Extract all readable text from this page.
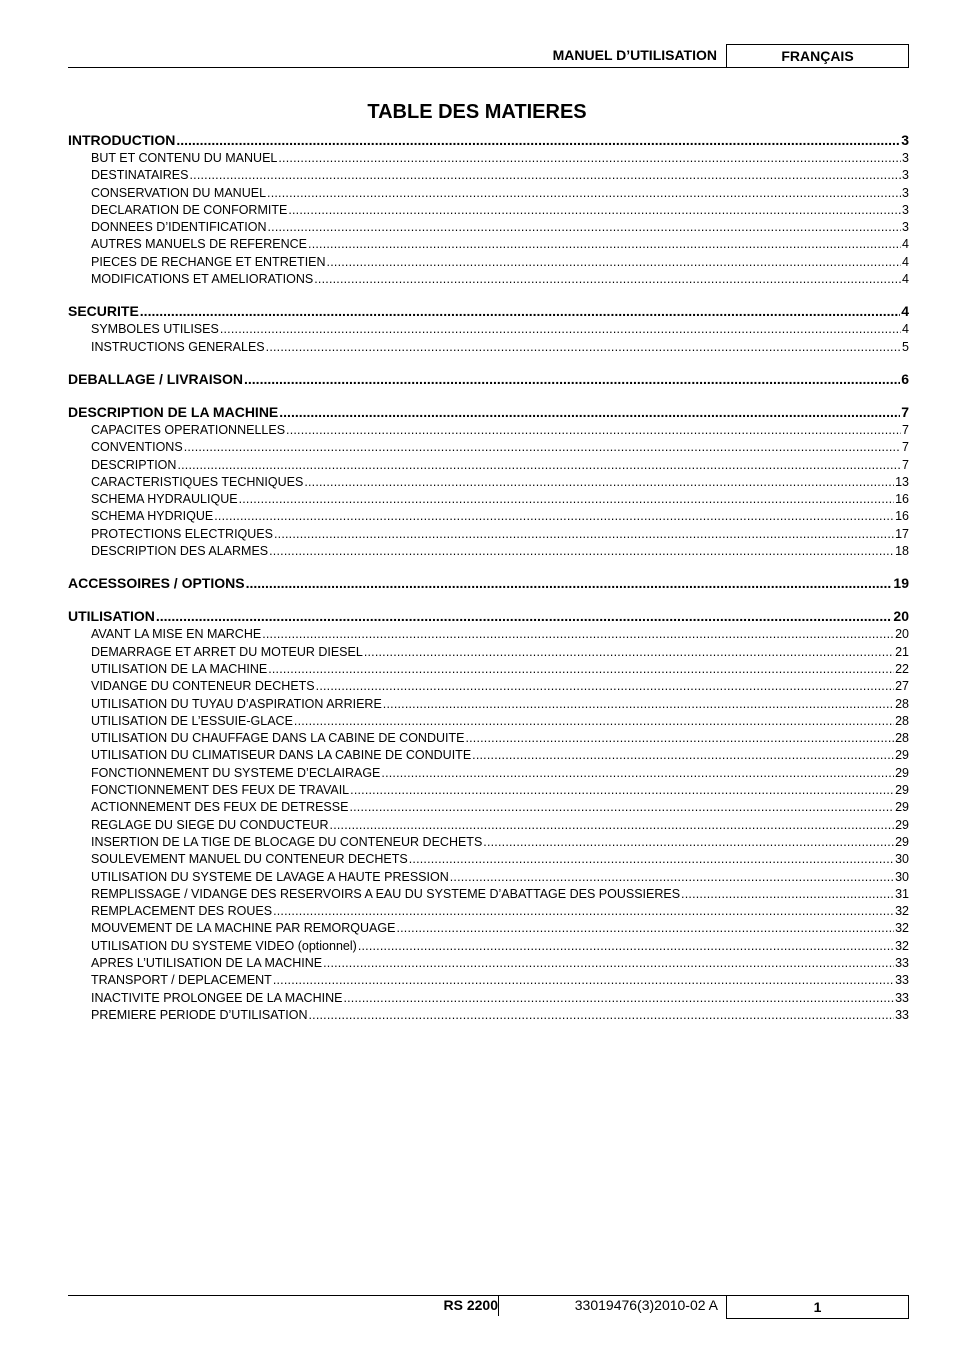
MANUEL D’UTILISATION	FRANÇAIS
TABLE DES MATIERES
INTRODUCTION .....	3
BUT ET CONTENU DU MANUEL .....	3
DESTINATAIRES .....	3
CONSERVATION DU MANUEL .....	3
DECLARATION DE CONFORMITE .....	3
DONNEES D’IDENTIFICATION .....	3
AUTRES MANUELS DE REFERENCE .....	4
PIECES DE RECHANGE ET ENTRETIEN .....	4
MODIFICATIONS ET AMELIORATIONS .....	4
SECURITE .....	4
SYMBOLES UTILISES .....	4
INSTRUCTIONS GENERALES .....	5
DEBALLAGE / LIVRAISON .....	6
DESCRIPTION DE LA MACHINE .....	7
CAPACITES OPERATIONNELLES .....	7
CONVENTIONS .....	7
DESCRIPTION .....	7
CARACTERISTIQUES TECHNIQUES .....	13
SCHEMA HYDRAULIQUE .....	16
SCHEMA HYDRIQUE .....	16
PROTECTIONS ELECTRIQUES .....	17
DESCRIPTION DES ALARMES .....	18
ACCESSOIRES / OPTIONS .....	19
UTILISATION .....	20
AVANT LA MISE EN MARCHE .....	20
DEMARRAGE ET ARRET DU MOTEUR DIESEL .....	21
UTILISATION DE LA MACHINE .....	22
VIDANGE DU CONTENEUR DECHETS .....	27
UTILISATION DU TUYAU D’ASPIRATION ARRIERE .....	28
UTILISATION DE L’ESSUIE-GLACE .....	28
UTILISATION DU CHAUFFAGE DANS LA CABINE DE CONDUITE .....	28
UTILISATION DU CLIMATISEUR DANS LA CABINE DE CONDUITE .....	29
FONCTIONNEMENT DU SYSTEME D’ECLAIRAGE .....	29
FONCTIONNEMENT DES FEUX DE TRAVAIL .....	29
ACTIONNEMENT DES FEUX DE DETRESSE .....	29
REGLAGE DU SIEGE DU CONDUCTEUR .....	29
INSERTION DE LA TIGE DE BLOCAGE DU CONTENEUR DECHETS .....	29
SOULEVEMENT MANUEL DU CONTENEUR DECHETS .....	30
UTILISATION DU SYSTEME DE LAVAGE A HAUTE PRESSION .....	30
REMPLISSAGE / VIDANGE DES RESERVOIRS A EAU DU SYSTEME D’ABATTAGE DES POUSSIERES .....	31
REMPLACEMENT DES ROUES .....	32
MOUVEMENT DE LA MACHINE PAR REMORQUAGE .....	32
UTILISATION DU SYSTEME VIDEO (optionnel) .....	32
APRES L’UTILISATION DE LA MACHINE .....	33
TRANSPORT / DEPLACEMENT .....	33
INACTIVITE PROLONGEE DE LA MACHINE .....	33
PREMIERE PERIODE D’UTILISATION .....	33
RS 2200	33019476(3)2010-02 A	1
